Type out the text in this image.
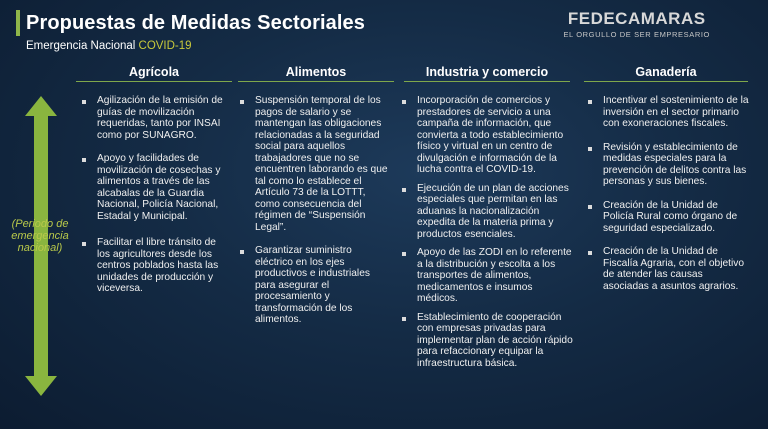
Propuestas de Medidas Sectoriales
Emergencia Nacional COVID-19
FEDECAMARAS
EL ORGULLO DE SER EMPRESARIO
(Periodo de emergencia nacional)
Agrícola	Alimentos	Industria y comercio	Ganadería
Agilización de la emisión de guías de movilización requeridas, tanto por INSAI como por SUNAGRO.
Apoyo y facilidades de movilización de cosechas y alimentos a través de las alcabalas de la Guardia Nacional, Policía Nacional, Estadal y Municipal.
Facilitar el libre tránsito de los agricultores desde los centros poblados hasta las unidades de producción y viceversa.
Suspensión temporal de los pagos de salario y se mantengan las obligaciones relacionadas a la seguridad social para aquellos trabajadores que no se encuentren laborando es que tal como lo establece el Artículo 73 de la LOTTT, como consecuencia del régimen de “Suspensión Legal”.
Garantizar suministro eléctrico en los ejes productivos e industriales para asegurar el procesamiento y transformación de los alimentos.
Incorporación de comercios y prestadores de servicio a una campaña de información, que convierta a todo establecimiento físico y virtual en un centro de divulgación e información de la lucha contra el COVID-19.
Ejecución de un plan de acciones especiales que permitan en las aduanas la nacionalización expedita de la materia prima y productos esenciales.
Apoyo de las ZODI en lo referente a la distribución y escolta a los transportes de alimentos, medicamentos e insumos médicos.
Establecimiento de cooperación con empresas privadas para implementar plan de acción rápido para refaccionary equipar la infraestructura básica.
Incentivar el sostenimiento de la inversión en el sector primario con exoneraciones fiscales.
Revisión y establecimiento de medidas especiales para la prevención de delitos contra las personas y sus bienes.
Creación de la Unidad de Policía Rural como órgano de seguridad especializado.
Creación de la Unidad de Fiscalía Agraria, con el objetivo de atender las causas asociadas a asuntos agrarios.
